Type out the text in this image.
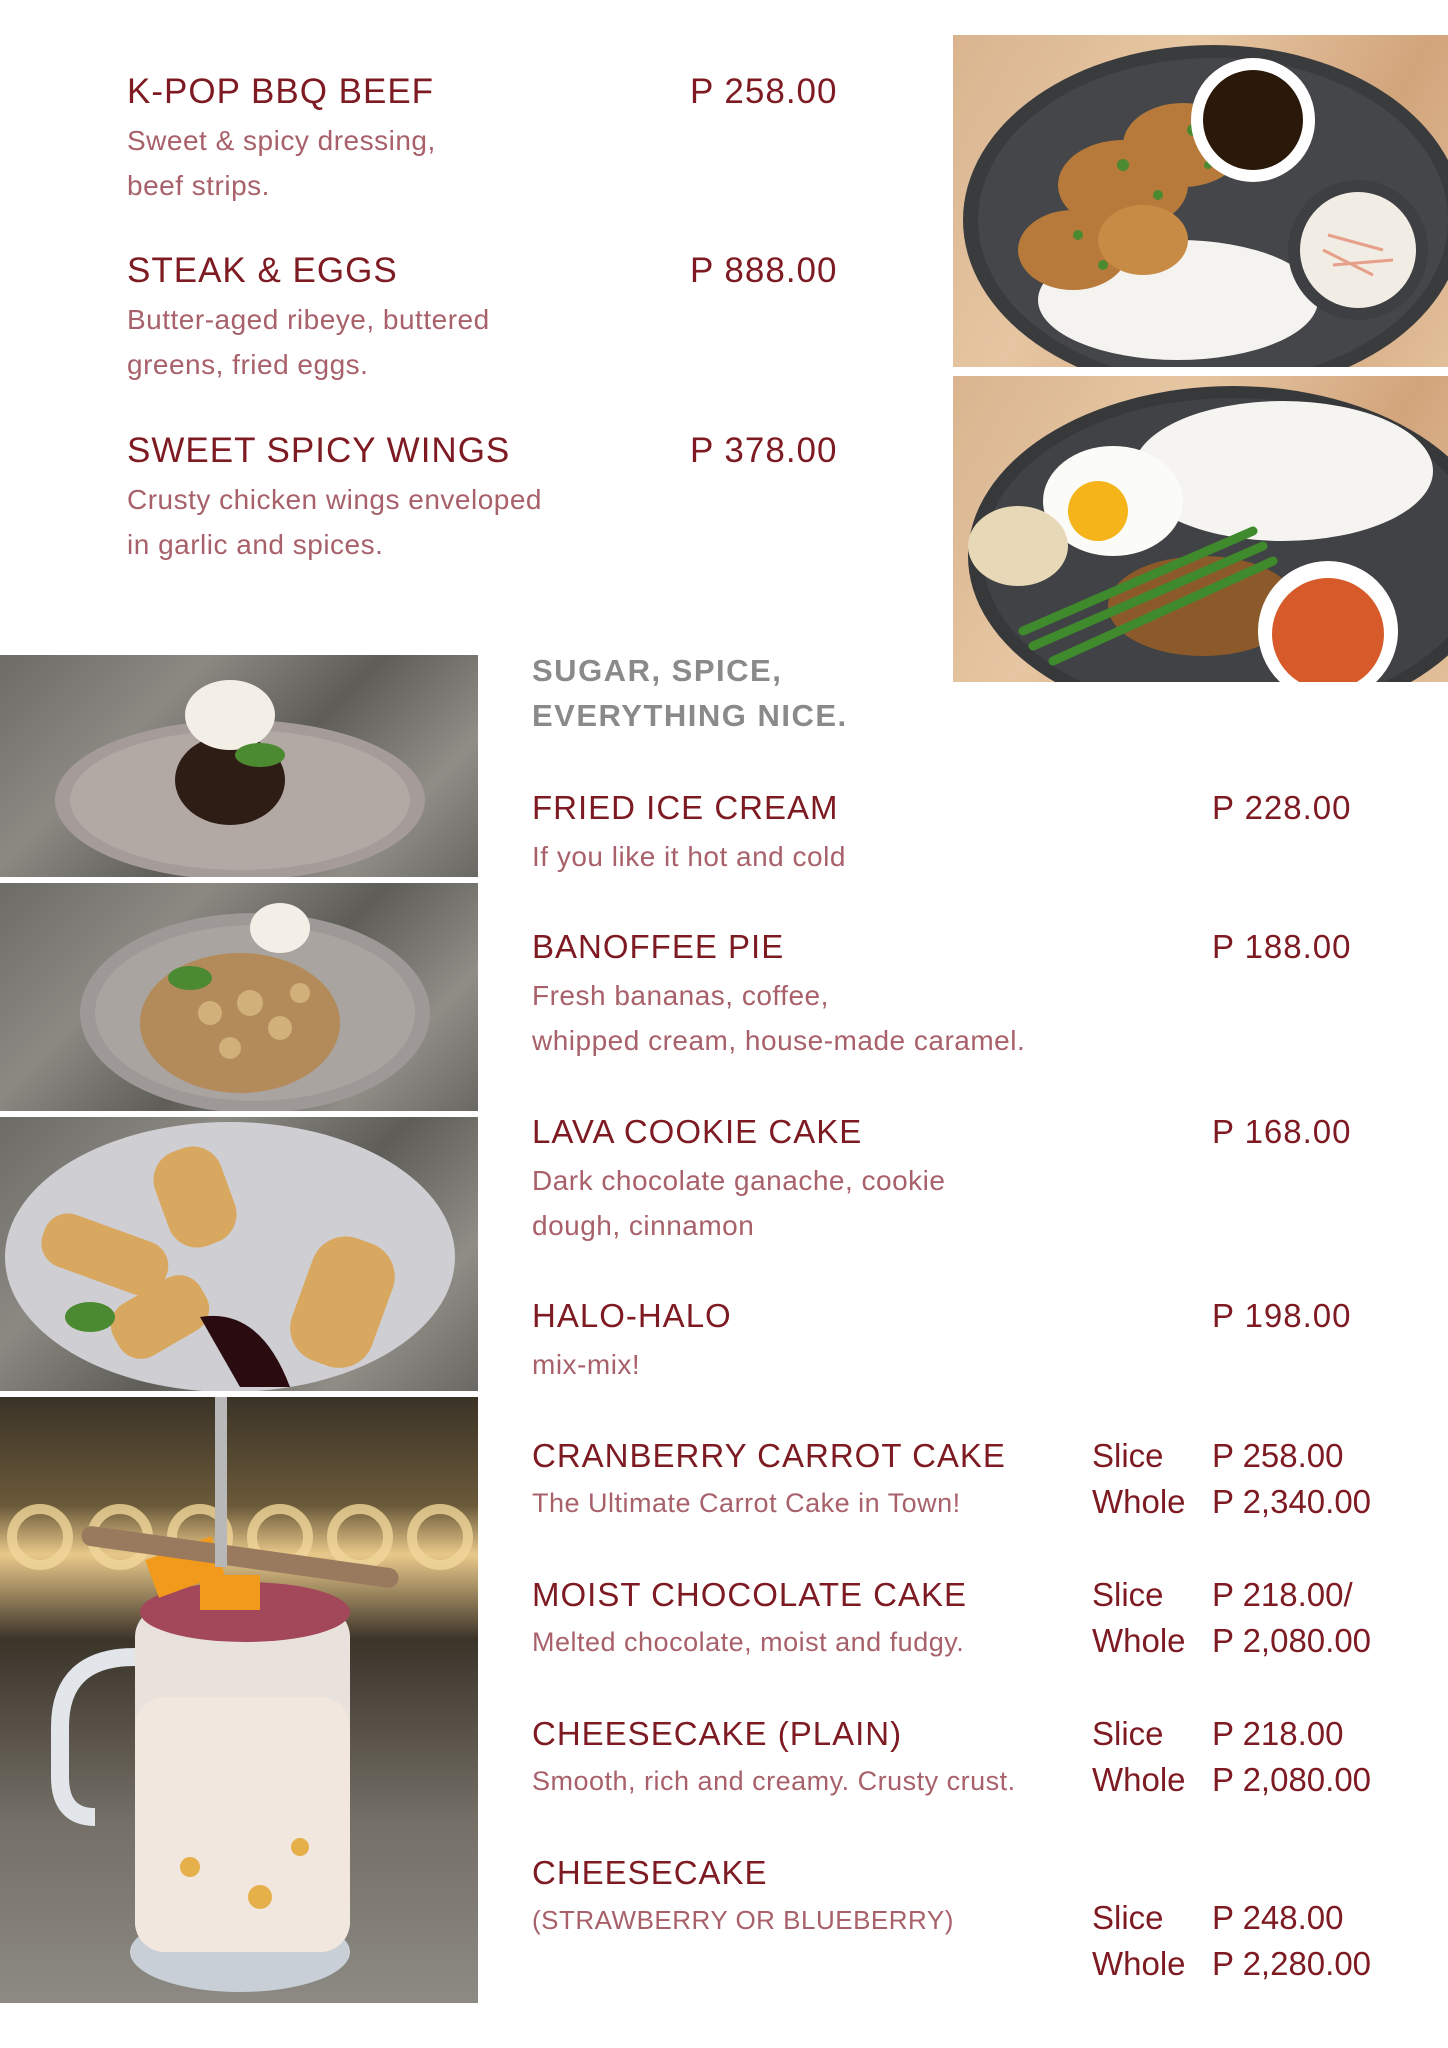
K-POP BBQ BEEF	P 258.00
Sweet & spicy dressing,
beef strips.
STEAK & EGGS	P 888.00
Butter-aged ribeye, buttered
greens, fried eggs.
SWEET SPICY WINGS	P 378.00
Crusty chicken wings enveloped
in garlic and spices.
SUGAR, SPICE,
EVERYTHING NICE.
FRIED ICE CREAM	P 228.00
If you like it hot and cold
BANOFFEE PIE	P 188.00
Fresh bananas, coffee,
whipped cream, house-made caramel.
LAVA COOKIE CAKE	P 168.00
Dark chocolate ganache, cookie
dough, cinnamon
HALO-HALO	P 198.00
mix-mix!
CRANBERRY CARROT CAKE
The Ultimate Carrot Cake in Town!
Slice P 258.00
Whole P 2,340.00
MOIST CHOCOLATE CAKE
Melted chocolate, moist and fudgy.
Slice P 218.00/
Whole P 2,080.00
CHEESECAKE (PLAIN)
Smooth, rich and creamy. Crusty crust.
Slice P 218.00
Whole P 2,080.00
CHEESECAKE
(STRAWBERRY OR BLUEBERRY)	Slice P 248.00
Whole P 2,280.00
